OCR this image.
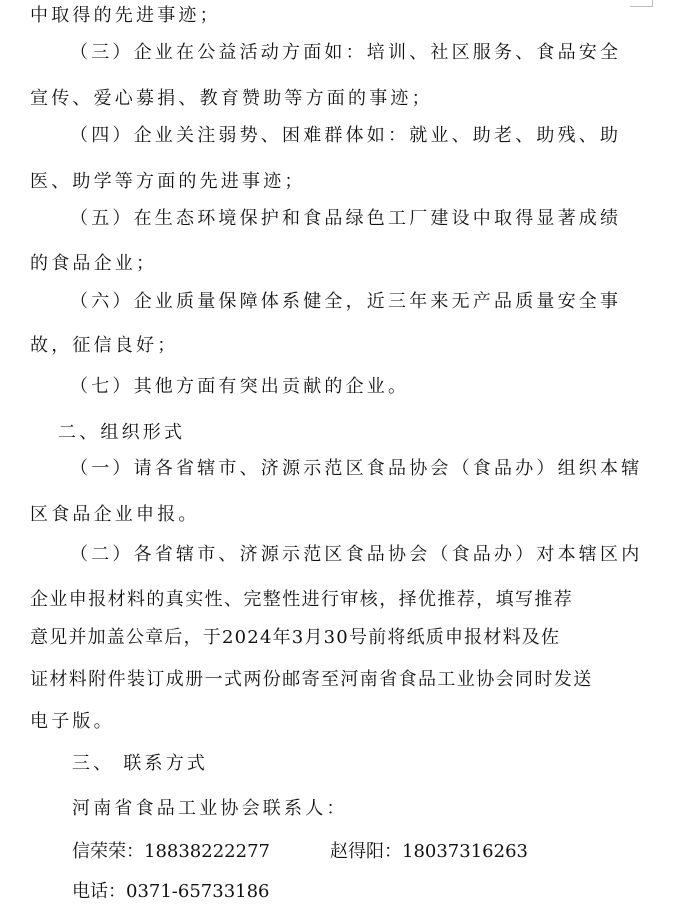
中取得的先进事迹；
（三）企业在公益活动方面如：培训、社区服务、食品安全
宣传、爱心募捐、教育赞助等方面的事迹；
（四）企业关注弱势、困难群体如：就业、助老、助残、助
医、助学等方面的先进事迹；
（五）在生态环境保护和食品绿色工厂建设中取得显著成绩
的食品企业；
（六）企业质量保障体系健全，近三年来无产品质量安全事
故，征信良好；
（七）其他方面有突出贡献的企业。
二、组织形式
（一）请各省辖市、济源示范区食品协会（食品办）组织本辖
区食品企业申报。
（二）各省辖市、济源示范区食品协会（食品办）对本辖区内
企业申报材料的真实性、完整性进行审核，择优推荐，填写推荐
意见并加盖公章后，于2024年3月30号前将纸质申报材料及佐
证材料附件装订成册一式两份邮寄至河南省食品工业协会同时发送
电子版。
三、 联系方式
河南省食品工业协会联系人：
信荣荣：18838222277	赵得阳：18037316263
电话：0371-65733186
